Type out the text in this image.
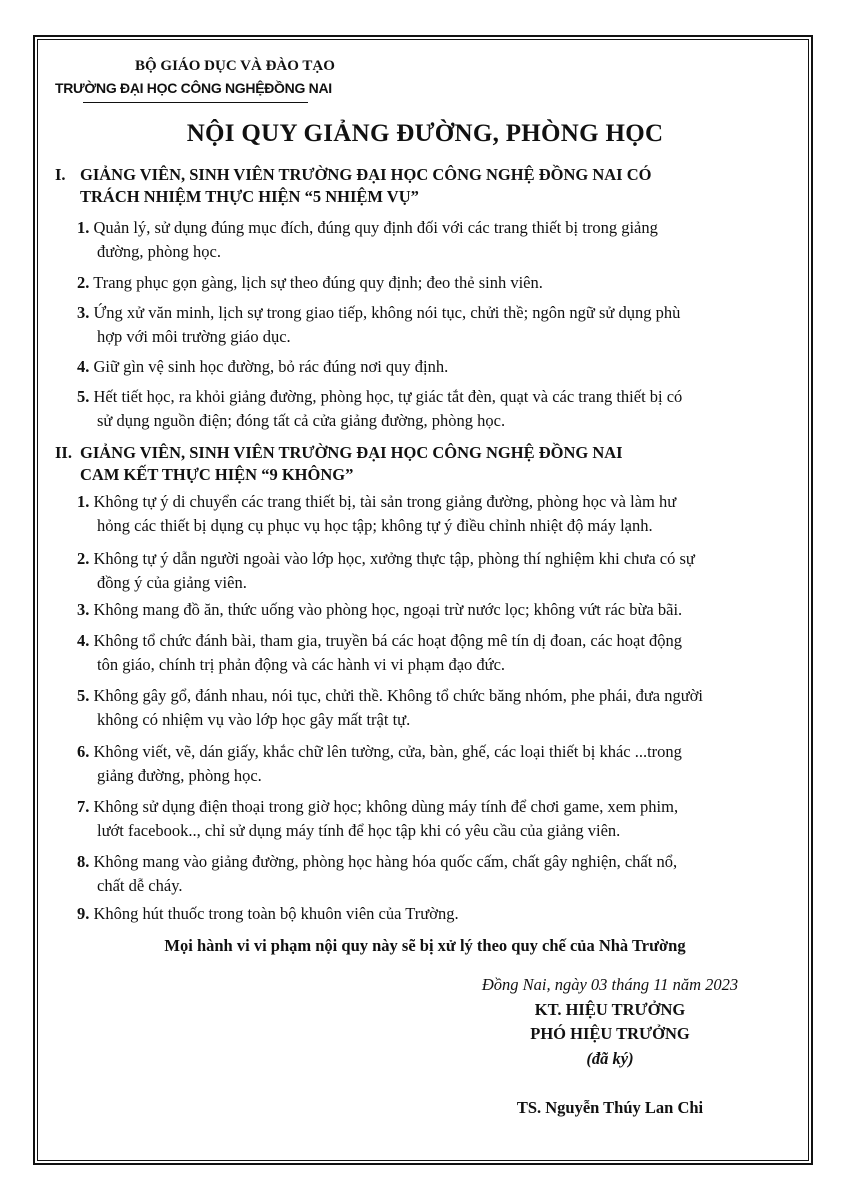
BỘ GIÁO DỤC VÀ ĐÀO TẠO
TRƯỜNG ĐẠI HỌC CÔNG NGHỆĐỒNG NAI
NỘI QUY GIẢNG ĐƯỜNG, PHÒNG HỌC
I. GIẢNG VIÊN, SINH VIÊN TRƯỜNG ĐẠI HỌC CÔNG NGHỆ ĐỒNG NAI CÓ
TRÁCH NHIỆM THỰC HIỆN “5 NHIỆM VỤ”
1. Quản lý, sử dụng đúng mục đích, đúng quy định đối với các trang thiết bị trong giảng
đường, phòng học.
2. Trang phục gọn gàng, lịch sự theo đúng quy định; đeo thẻ sinh viên.
3. Ứng xử văn minh, lịch sự trong giao tiếp, không nói tục, chửi thề; ngôn ngữ sử dụng phù
hợp với môi trường giáo dục.
4. Giữ gìn vệ sinh học đường, bỏ rác đúng nơi quy định.
5. Hết tiết học, ra khỏi giảng đường, phòng học, tự giác tắt đèn, quạt và các trang thiết bị có
sử dụng nguồn điện; đóng tất cả cửa giảng đường, phòng học.
II. GIẢNG VIÊN, SINH VIÊN TRƯỜNG ĐẠI HỌC CÔNG NGHỆ ĐỒNG NAI
CAM KẾT THỰC HIỆN “9 KHÔNG”
1. Không tự ý di chuyển các trang thiết bị, tài sản trong giảng đường, phòng học và làm hư
hỏng các thiết bị dụng cụ phục vụ học tập; không tự ý điều chỉnh nhiệt độ máy lạnh.
2. Không tự ý dẫn người ngoài vào lớp học, xưởng thực tập, phòng thí nghiệm khi chưa có sự
đồng ý của giảng viên.
3. Không mang đồ ăn, thức uống vào phòng học, ngoại trừ nước lọc; không vứt rác bừa bãi.
4. Không tổ chức đánh bài, tham gia, truyền bá các hoạt động mê tín dị đoan, các hoạt động
tôn giáo, chính trị phản động và các hành vi vi phạm đạo đức.
5. Không gây gổ, đánh nhau, nói tục, chửi thề. Không tổ chức băng nhóm, phe phái, đưa người
không có nhiệm vụ vào lớp học gây mất trật tự.
6. Không viết, vẽ, dán giấy, khắc chữ lên tường, cửa, bàn, ghế, các loại thiết bị khác ...trong
giảng đường, phòng học.
7. Không sử dụng điện thoại trong giờ học; không dùng máy tính để chơi game, xem phim,
lướt facebook.., chỉ sử dụng máy tính để học tập khi có yêu cầu của giảng viên.
8. Không mang vào giảng đường, phòng học hàng hóa quốc cấm, chất gây nghiện, chất nổ,
chất dễ cháy.
9. Không hút thuốc trong toàn bộ khuôn viên của Trường.
Mọi hành vi vi phạm nội quy này sẽ bị xử lý theo quy chế của Nhà Trường
Đồng Nai, ngày 03 tháng 11 năm 2023
KT. HIỆU TRƯỞNG
PHÓ HIỆU TRƯỞNG
(đã ký)
TS. Nguyễn Thúy Lan Chi
